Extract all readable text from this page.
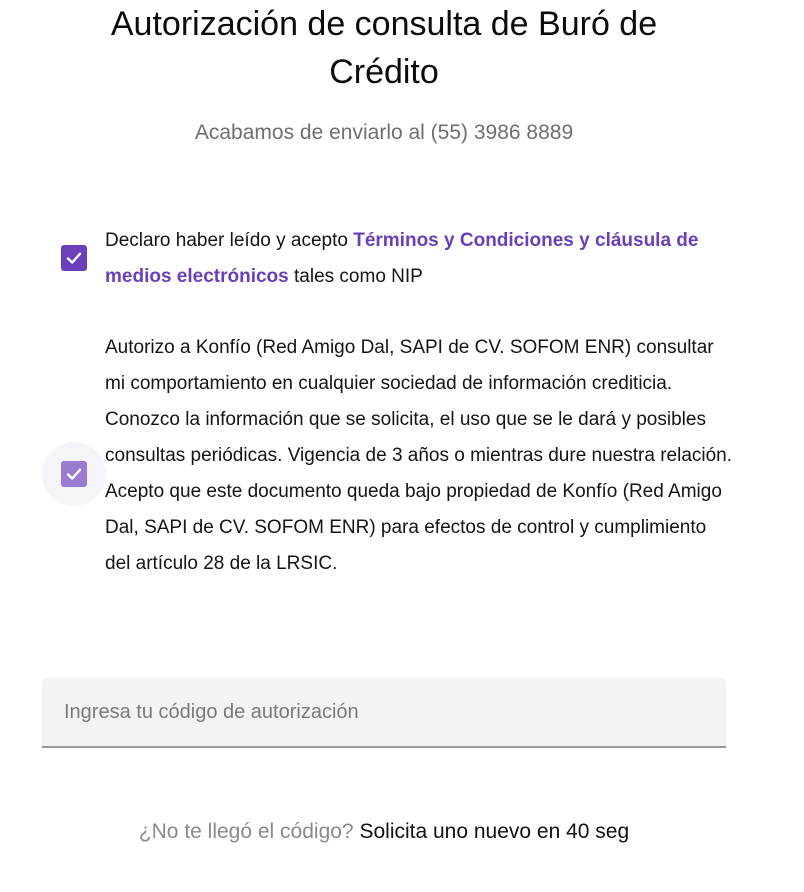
Autorización de consulta de Buró de Crédito
Acabamos de enviarlo al (55) 3986 8889
Declaro haber leído y acepto Términos y Condiciones y cláusula de medios electrónicos tales como NIP
Autorizo a Konfío (Red Amigo Dal, SAPI de CV. SOFOM ENR) consultar mi comportamiento en cualquier sociedad de información crediticia. Conozco la información que se solicita, el uso que se le dará y posibles consultas periódicas. Vigencia de 3 años o mientras dure nuestra relación. Acepto que este documento queda bajo propiedad de Konfío (Red Amigo Dal, SAPI de CV. SOFOM ENR) para efectos de control y cumplimiento del artículo 28 de la LRSIC.
Ingresa tu código de autorización
¿No te llegó el código? Solicita uno nuevo en 40 seg
